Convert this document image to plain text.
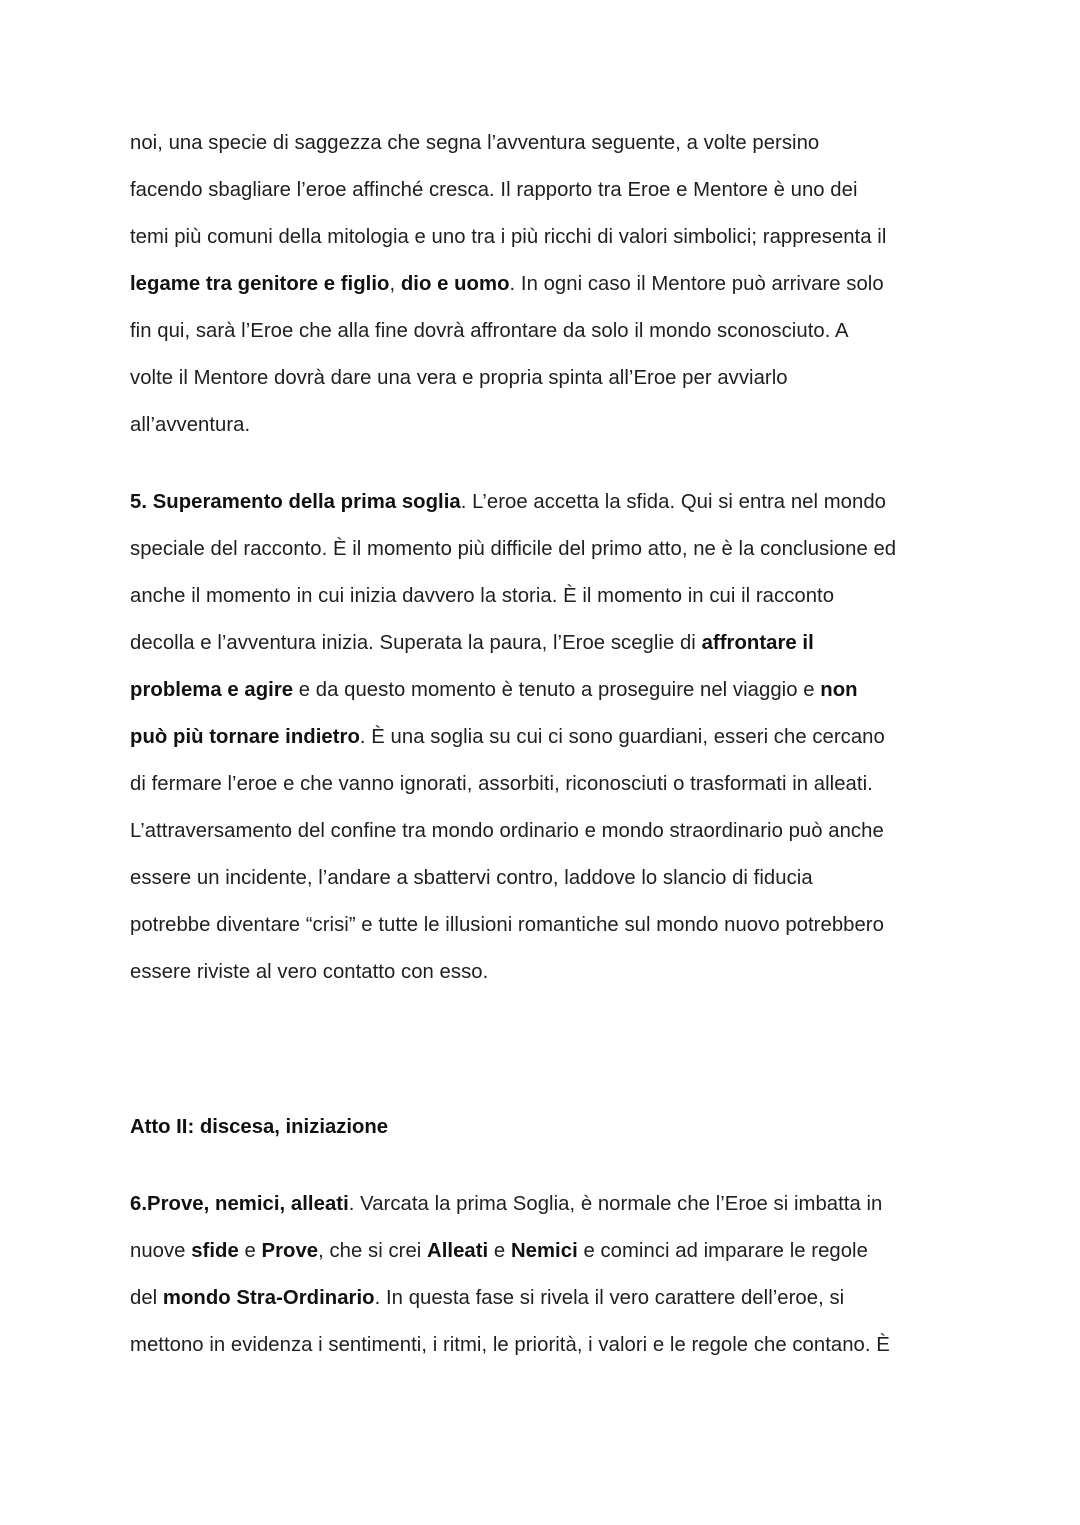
noi, una specie di saggezza che segna l’avventura seguente, a volte persino
facendo sbagliare l’eroe affinché cresca. Il rapporto tra Eroe e Mentore è uno dei
temi più comuni della mitologia e uno tra i più ricchi di valori simbolici; rappresenta il
legame tra genitore e figlio, dio e uomo. In ogni caso il Mentore può arrivare solo
fin qui, sarà l’Eroe che alla fine dovrà affrontare da solo il mondo sconosciuto. A
volte il Mentore dovrà dare una vera e propria spinta all’Eroe per avviarlo
all’avventura.
5. Superamento della prima soglia. L’eroe accetta la sfida. Qui si entra nel mondo
speciale del racconto. È il momento più difficile del primo atto, ne è la conclusione ed
anche il momento in cui inizia davvero la storia. È il momento in cui il racconto
decolla e l’avventura inizia. Superata la paura, l’Eroe sceglie di affrontare il
problema e agire e da questo momento è tenuto a proseguire nel viaggio e non
può più tornare indietro. È una soglia su cui ci sono guardiani, esseri che cercano
di fermare l’eroe e che vanno ignorati, assorbiti, riconosciuti o trasformati in alleati.
L’attraversamento del confine tra mondo ordinario e mondo straordinario può anche
essere un incidente, l’andare a sbattervi contro, laddove lo slancio di fiducia
potrebbe diventare “crisi” e tutte le illusioni romantiche sul mondo nuovo potrebbero
essere riviste al vero contatto con esso.
Atto II: discesa, iniziazione
6.Prove, nemici, alleati. Varcata la prima Soglia, è normale che l’Eroe si imbatta in
nuove sfide e Prove, che si crei Alleati e Nemici e cominci ad imparare le regole
del mondo Stra-Ordinario. In questa fase si rivela il vero carattere dell’eroe, si
mettono in evidenza i sentimenti, i ritmi, le priorità, i valori e le regole che contano. È
